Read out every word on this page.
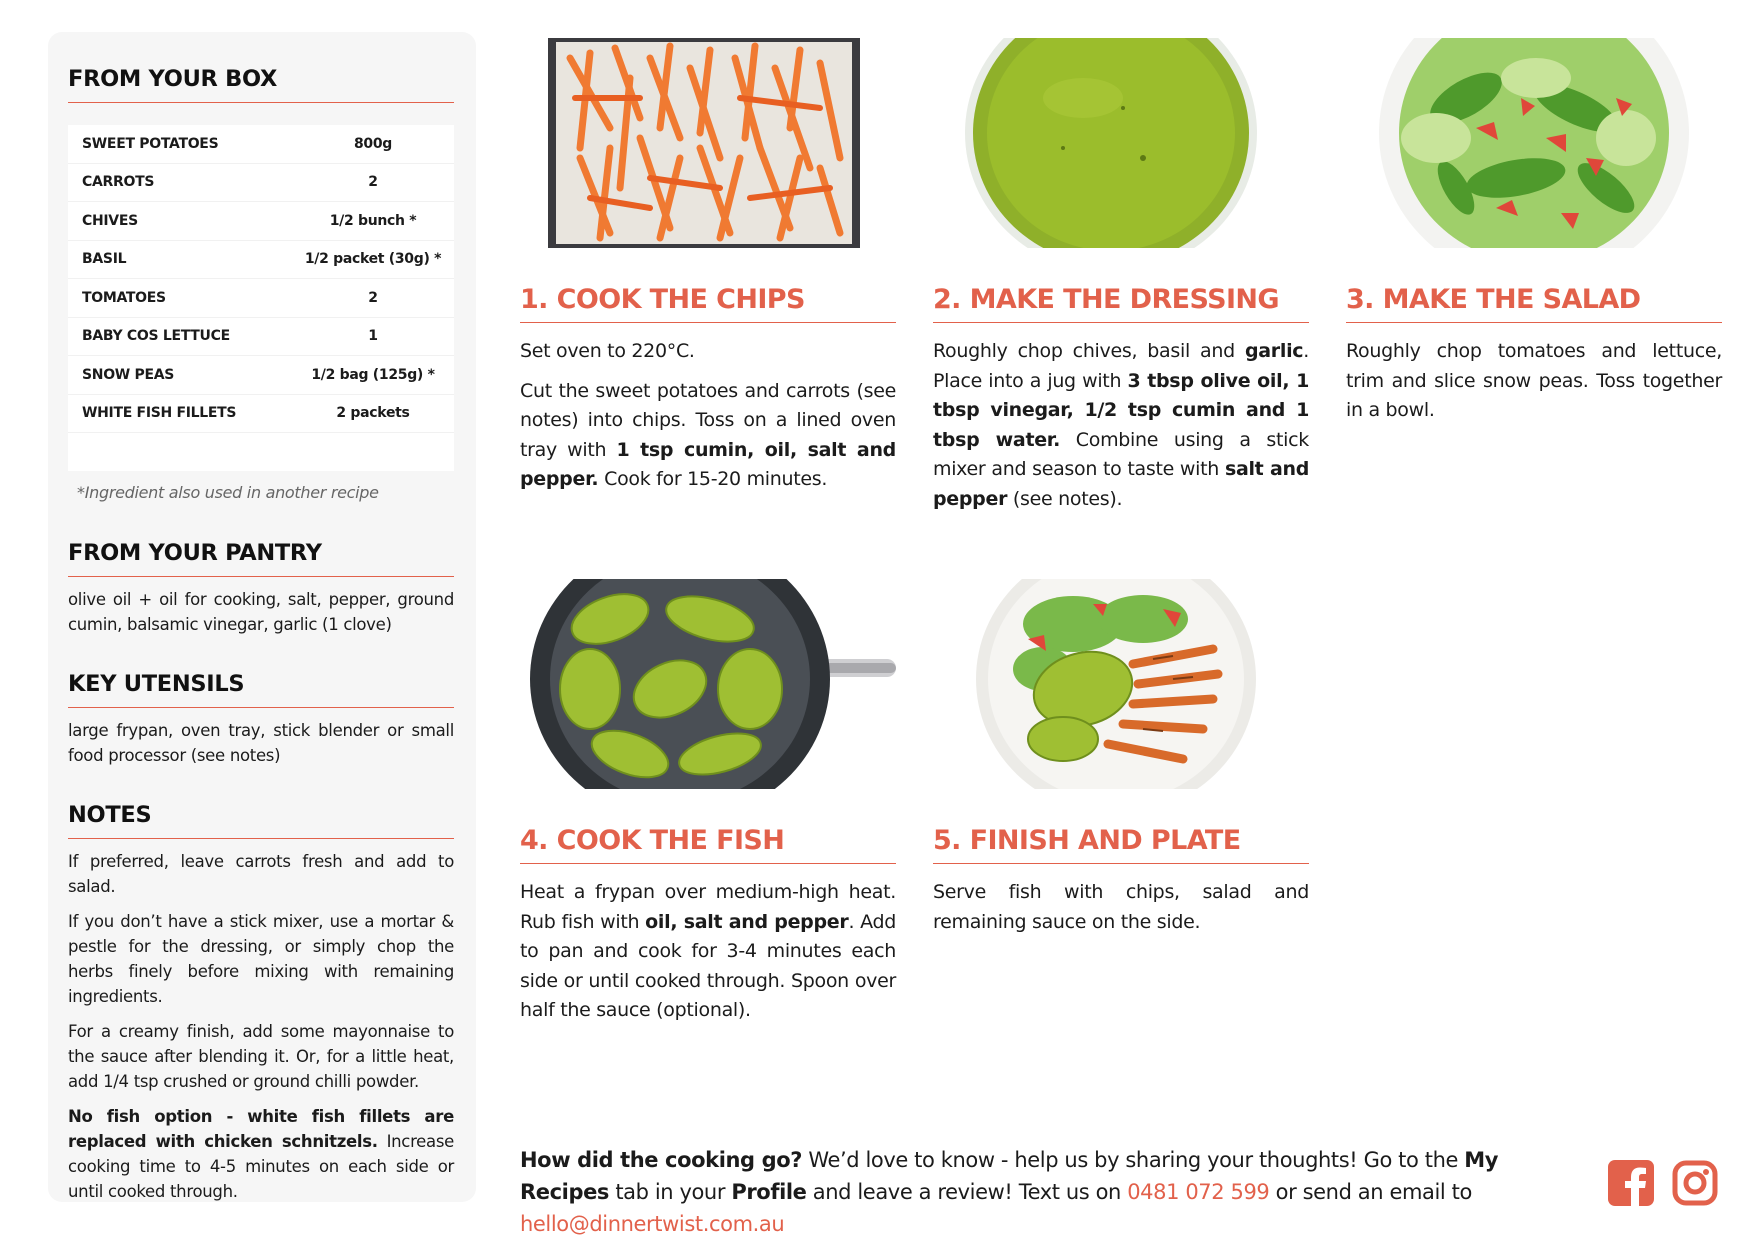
FROM YOUR BOX
SWEET POTATOES	800g
CARROTS	2
CHIVES	1/2 bunch *
BASIL	1/2 packet (30g) *
TOMATOES	2
BABY COS LETTUCE	1
SNOW PEAS	1/2 bag (125g) *
WHITE FISH FILLETS	2 packets
*Ingredient also used in another recipe
FROM YOUR PANTRY
olive oil + oil for cooking, salt, pepper, ground cumin, balsamic vinegar, garlic (1 clove)
KEY UTENSILS
large frypan, oven tray, stick blender or small food processor (see notes)
NOTES

If preferred, leave carrots fresh and add to salad.

If you don’t have a stick mixer, use a mortar & pestle for the dressing, or simply chop the herbs finely before mixing with remaining ingredients.

For a creamy finish, add some mayonnaise to the sauce after blending it. Or, for a little heat, add 1/4 tsp crushed or ground chilli powder.

No fish option - white fish fillets are replaced with chicken schnitzels. Increase cooking time to 4-5 minutes on each side or until cooked through.

1. COOK THE CHIPS

Set oven to 220°C.

Cut the sweet potatoes and carrots (see notes) into chips. Toss on a lined oven tray with 1 tsp cumin, oil, salt and pepper. Cook for 15-20 minutes.

2. MAKE THE DRESSING

Roughly chop chives, basil and garlic. Place into a jug with 3 tbsp olive oil, 1 tbsp vinegar, 1/2 tsp cumin and 1 tbsp water. Combine using a stick mixer and season to taste with salt and pepper (see notes).

3. MAKE THE SALAD

Roughly chop tomatoes and lettuce, trim and slice snow peas. Toss together in a bowl.

4. COOK THE FISH

Heat a frypan over medium-high heat. Rub fish with oil, salt and pepper. Add to pan and cook for 3-4 minutes each side or until cooked through. Spoon over half the sauce (optional).

5. FINISH AND PLATE

Serve fish with chips, salad and remaining sauce on the side.

How did the cooking go? We’d love to know - help us by sharing your thoughts! Go to the My Recipes tab in your Profile and leave a review! Text us on 0481 072 599 or send an email to hello@dinnertwist.com.au
